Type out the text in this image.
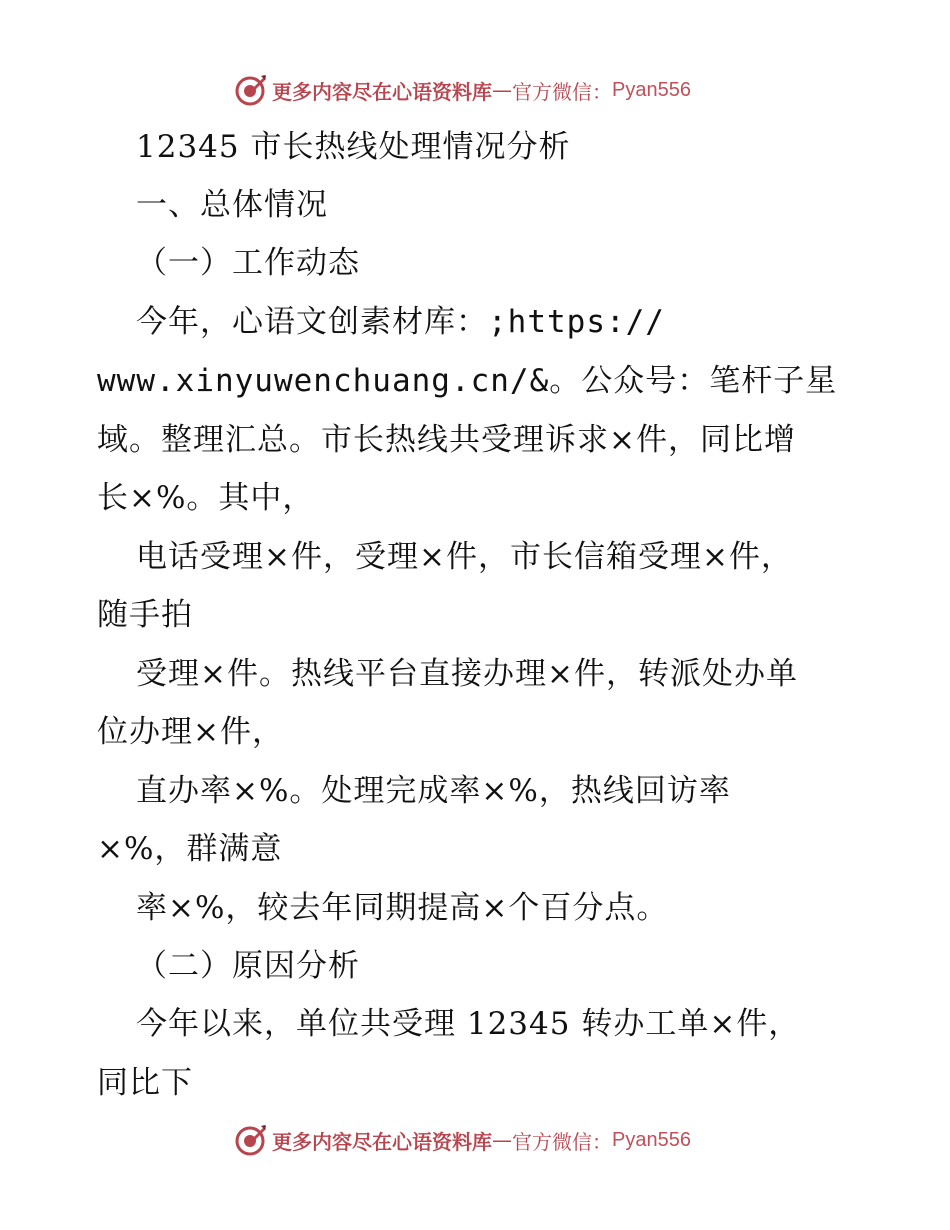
更多内容尽在心语资料库 — 官方微信： Pyan556
12345 市长热线处理情况分析
一、总体情况
（一）工作动态
今年，心语文创素材库：;https://
www.xinyuwenchuang.cn/&。公众号：笔杆子星
域。整理汇总。市长热线共受理诉求×件，同比增
长×%。其中，
电话受理×件，受理×件，市长信箱受理×件，
随手拍
受理×件。热线平台直接办理×件，转派处办单
位办理×件，
直办率×%。处理完成率×%，热线回访率
×%，群满意
率×%，较去年同期提高×个百分点。
（二）原因分析
今年以来，单位共受理 12345 转办工单×件，
同比下
更多内容尽在心语资料库 — 官方微信： Pyan556
